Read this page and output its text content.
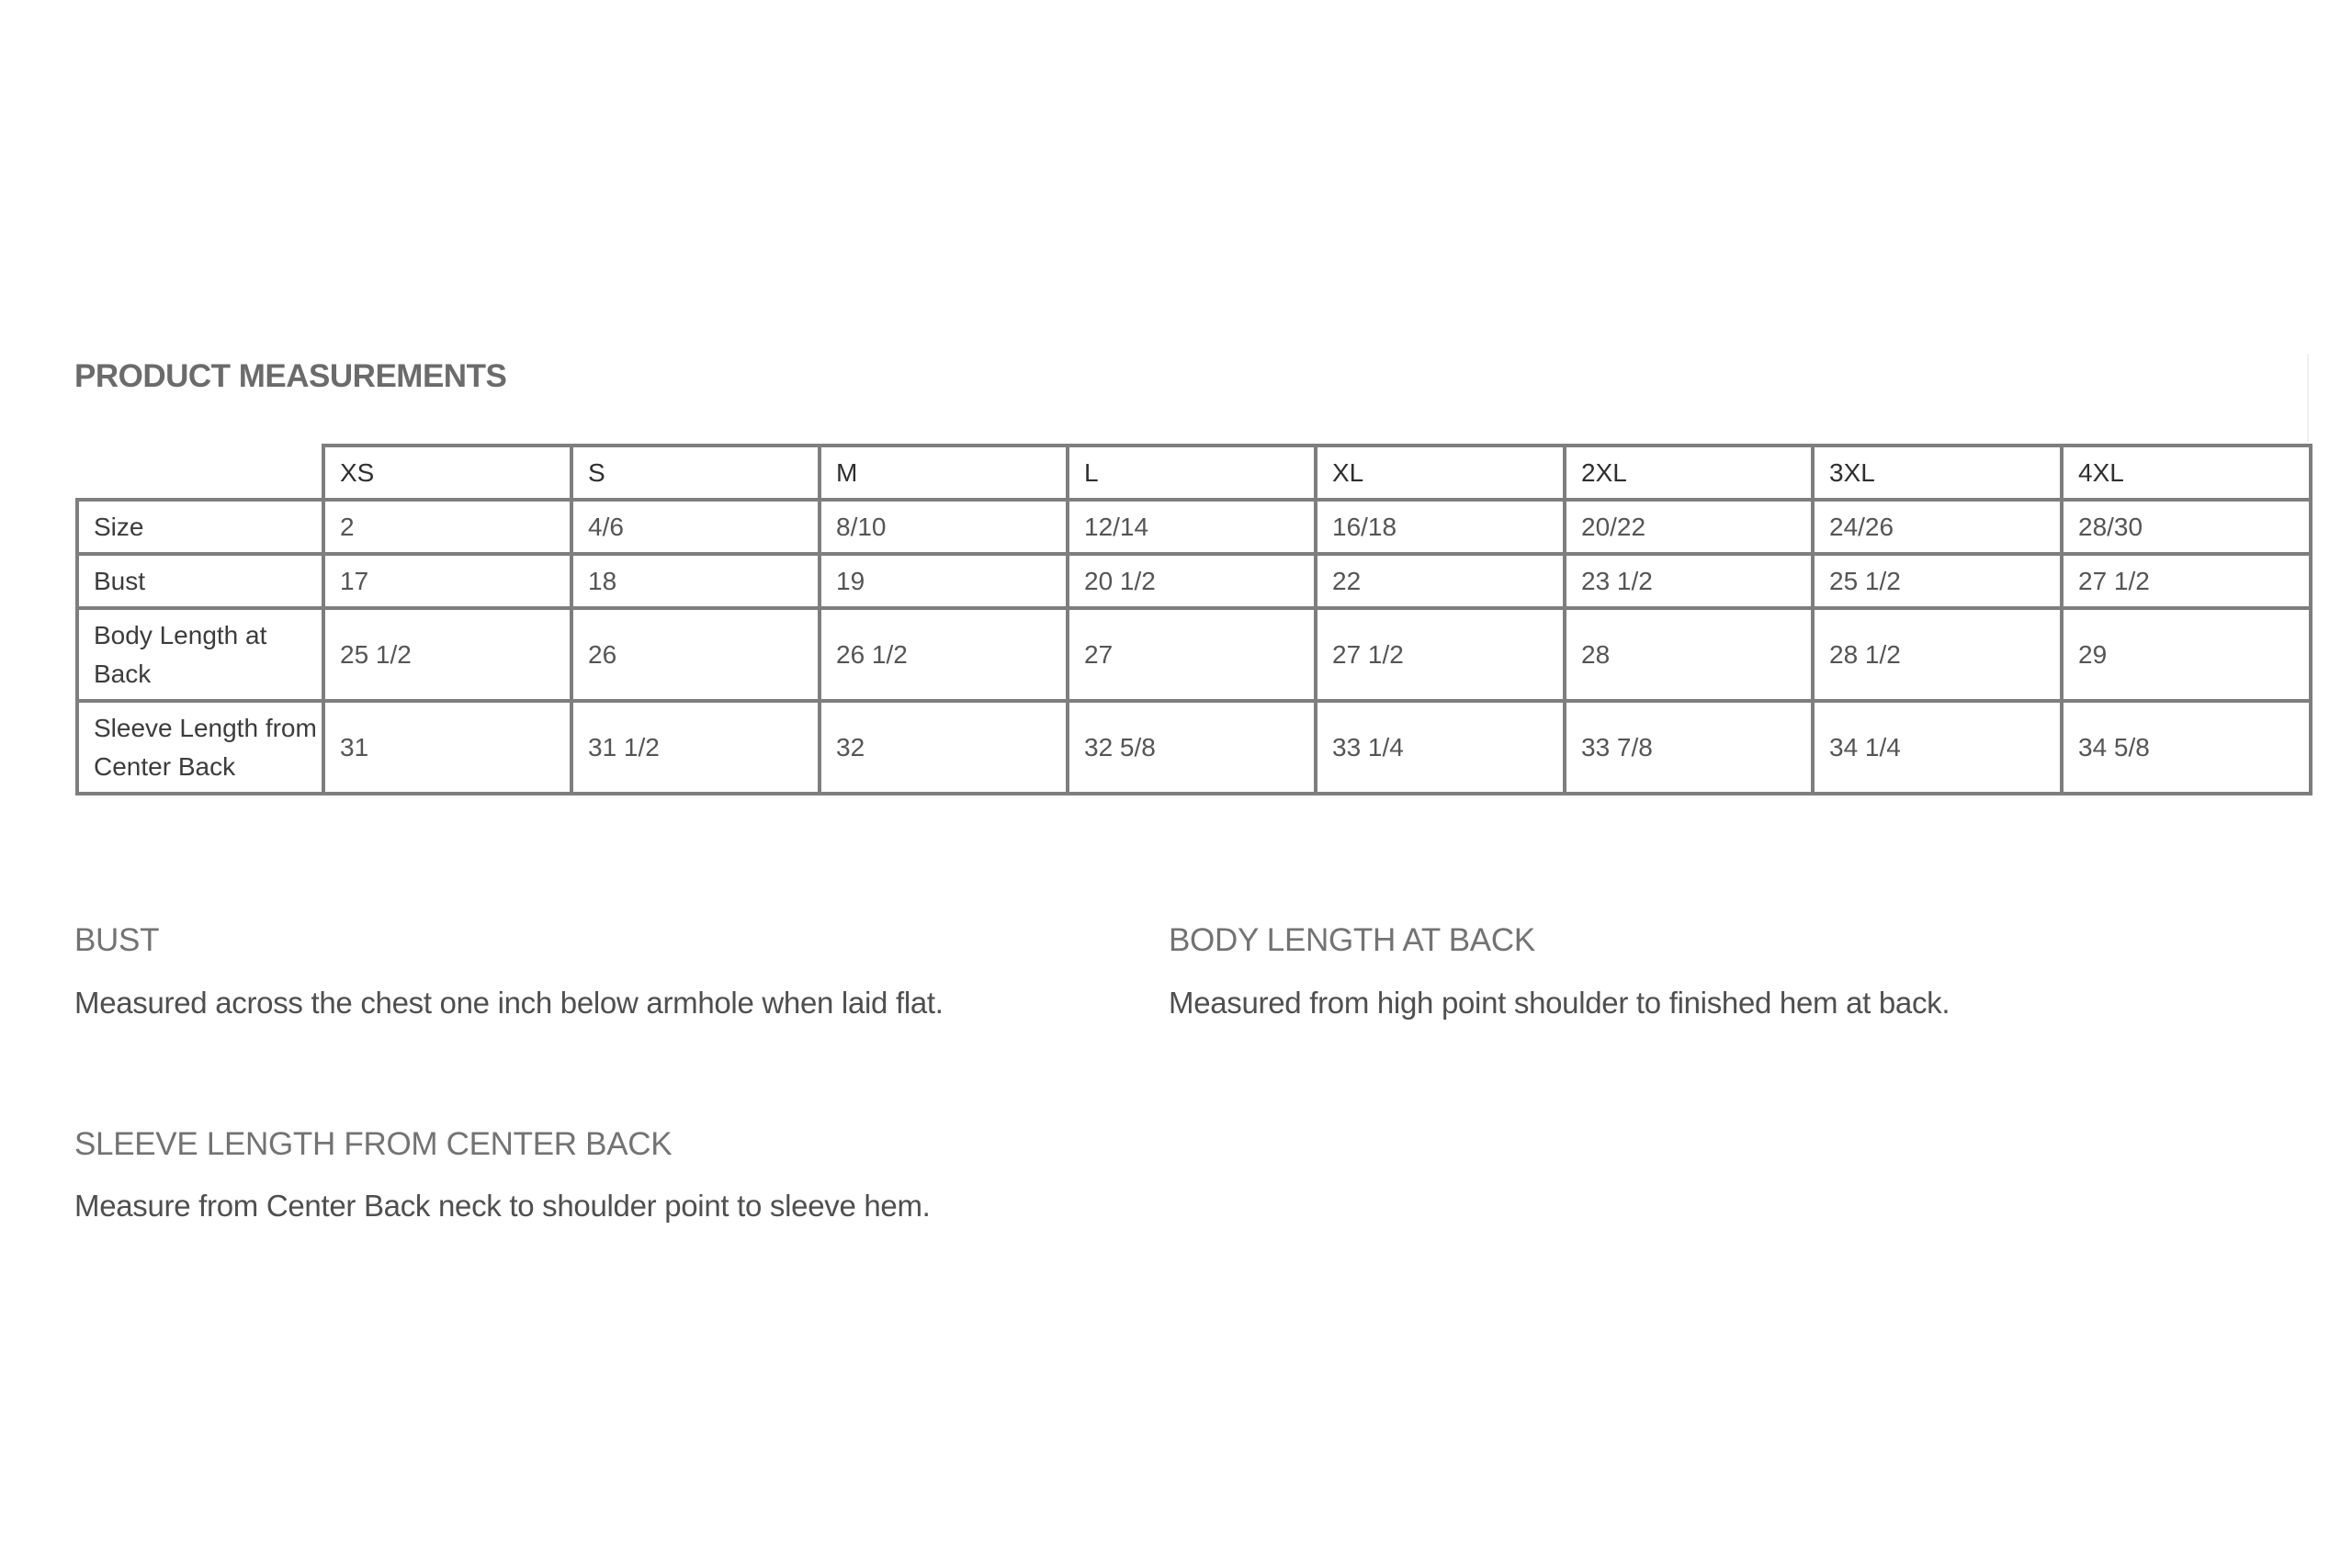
PRODUCT MEASUREMENTS
	XS	S	M	L	XL	2XL	3XL	4XL
Size	2	4/6	8/10	12/14	16/18	20/22	24/26	28/30
Bust	17	18	19	20 1/2	22	23 1/2	25 1/2	27 1/2
Body Length at Back	25 1/2	26	26 1/2	27	27 1/2	28	28 1/2	29
Sleeve Length from Center Back	31	31 1/2	32	32 5/8	33 1/4	33 7/8	34 1/4	34 5/8
BUST
Measured across the chest one inch below armhole when laid flat.
BODY LENGTH AT BACK
Measured from high point shoulder to finished hem at back.
SLEEVE LENGTH FROM CENTER BACK
Measure from Center Back neck to shoulder point to sleeve hem.
